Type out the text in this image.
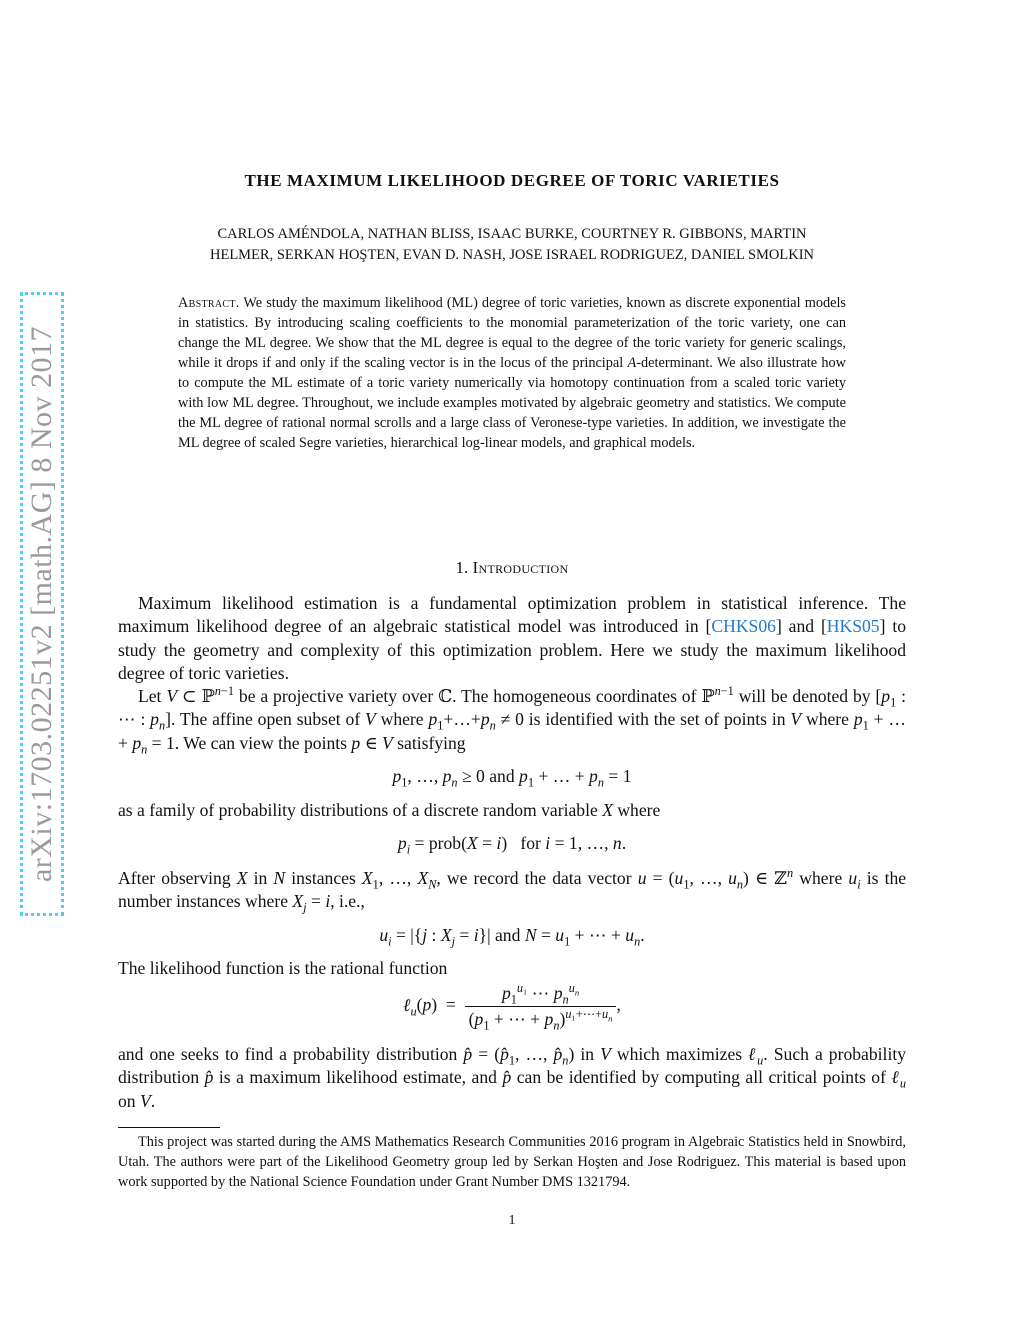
arXiv:1703.02251v2 [math.AG] 8 Nov 2017
THE MAXIMUM LIKELIHOOD DEGREE OF TORIC VARIETIES
CARLOS AMÉNDOLA, NATHAN BLISS, ISAAC BURKE, COURTNEY R. GIBBONS, MARTIN
HELMER, SERKAN HOŞTEN, EVAN D. NASH, JOSE ISRAEL RODRIGUEZ, DANIEL SMOLKIN
Abstract. We study the maximum likelihood (ML) degree of toric varieties, known as discrete exponential models in statistics. By introducing scaling coefficients to the monomial parameterization of the toric variety, one can change the ML degree. We show that the ML degree is equal to the degree of the toric variety for generic scalings, while it drops if and only if the scaling vector is in the locus of the principal A-determinant. We also illustrate how to compute the ML estimate of a toric variety numerically via homotopy continuation from a scaled toric variety with low ML degree. Throughout, we include examples motivated by algebraic geometry and statistics. We compute the ML degree of rational normal scrolls and a large class of Veronese-type varieties. In addition, we investigate the ML degree of scaled Segre varieties, hierarchical log-linear models, and graphical models.
1. Introduction

Maximum likelihood estimation is a fundamental optimization problem in statistical inference. The maximum likelihood degree of an algebraic statistical model was introduced in [CHKS06] and [HKS05] to study the geometry and complexity of this optimization problem. Here we study the maximum likelihood degree of toric varieties.

Let V ⊂ ℙ$^{n-1}$ be a projective variety over ℂ. The homogeneous coordinates of ℙ$^{n-1}$ will be denoted by [$p_1$ : ⋯ : $p_n$]. The affine open subset of V where $p_1+\dots+p_n \ne 0$ is identified with the set of points in V where $p_1$ + … + $p_n = 1$. We can view the points p ∈ V satisfying

$p_1$, …, $p_n \ge 0$ and $p_1$ + … + $p_n = 1$

as a family of probability distributions of a discrete random variable X where

$p_i$ = prob(X = i)   for i = 1, …, n.

After observing X in N instances $X_1$, …, $X_N$, we record the data vector $u = (u_1$, …, $u_n$) ∈ ℤ$^n$ where $u_i$ is the number instances where $X_j = i$, i.e.,

$u_i = |\{j$ : $X_j = i\}|$ and $N = u_1$ + ⋯ + $u_n$.

The likelihood function is the rational function

ℓ$_u$(p)  = $\frac{p_1^{u_1} \cdots p_n^{u_n}}{(p_1 + \cdots + p_n)^{u_1+\cdots+u_n}}$ ,

and one seeks to find a probability distribution p̂ = ($p̂_1$, …, $p̂_n$) in V which maximizes ℓ$_u$. Such a probability distribution p̂ is a maximum likelihood estimate, and p̂ can be identified by computing all critical points of ℓ$_u$ on V.

This project was started during the AMS Mathematics Research Communities 2016 program in Algebraic Statistics held in Snowbird, Utah. The authors were part of the Likelihood Geometry group led by Serkan Hoşten and Jose Rodriguez. This material is based upon work supported by the National Science Foundation under Grant Number DMS 1321794.
1
